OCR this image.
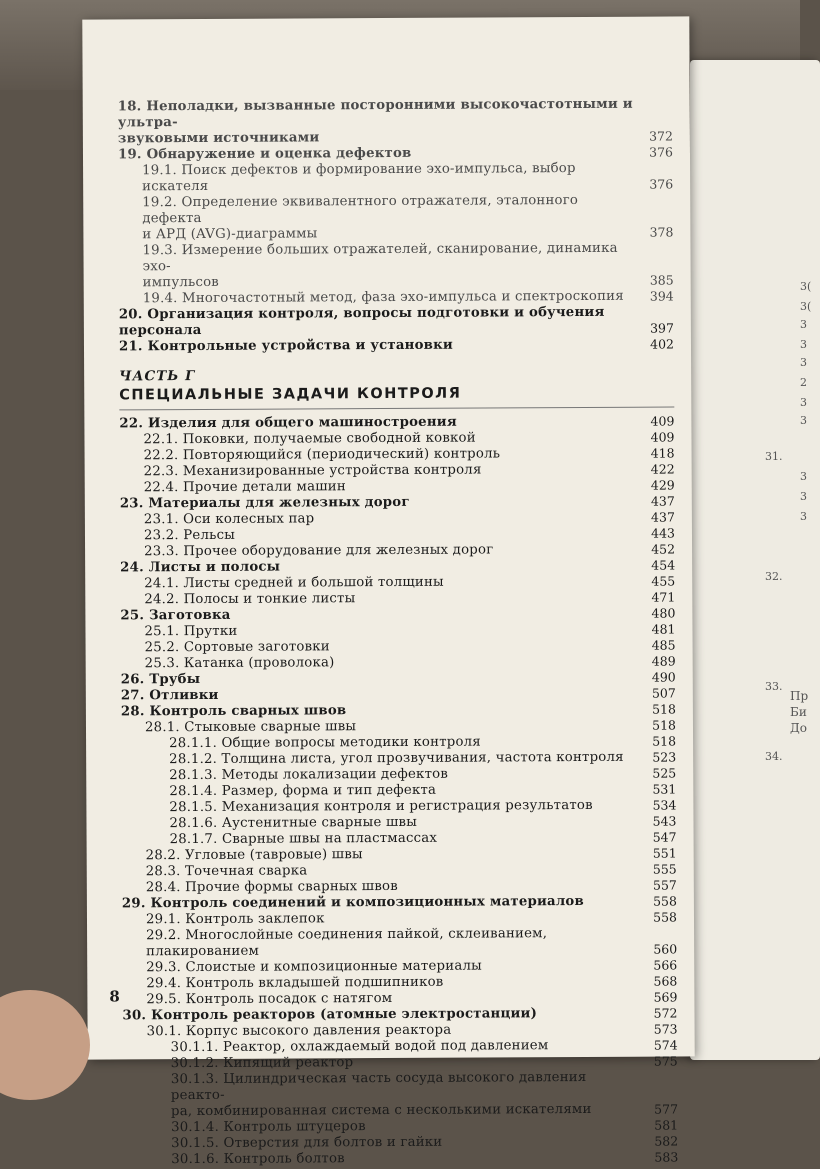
3(
3(
3
3
3
2
3
3
31.
3
3
3
32.
33.
34.
Пр
Би
До
18. Неполадки, вызванные посторонними высокочастотными и ультра-
звуковыми источниками	372
19. Обнаружение и оценка дефектов	376
19.1. Поиск дефектов и формирование эхо-импульса, выбор искателя	376
19.2. Определение эквивалентного отражателя, эталонного дефекта
и АРД (AVG)-диаграммы	378
19.3. Измерение больших отражателей, сканирование, динамика эхо-
импульсов	385
19.4. Многочастотный метод, фаза эхо-импульса и спектроскопия	394
20. Организация контроля, вопросы подготовки и обучения персонала	397
21. Контрольные устройства и установки	402
ЧАСТЬ Г
СПЕЦИАЛЬНЫЕ ЗАДАЧИ КОНТРОЛЯ
22. Изделия для общего машиностроения	409
22.1. Поковки, получаемые свободной ковкой	409
22.2. Повторяющийся (периодический) контроль	418
22.3. Механизированные устройства контроля	422
22.4. Прочие детали машин	429
23. Материалы для железных дорог	437
23.1. Оси колесных пар	437
23.2. Рельсы	443
23.3. Прочее оборудование для железных дорог	452
24. Листы и полосы	454
24.1. Листы средней и большой толщины	455
24.2. Полосы и тонкие листы	471
25. Заготовка	480
25.1. Прутки	481
25.2. Сортовые заготовки	485
25.3. Катанка (проволока)	489
26. Трубы	490
27. Отливки	507
28. Контроль сварных швов	518
28.1. Стыковые сварные швы	518
28.1.1. Общие вопросы методики контроля	518
28.1.2. Толщина листа, угол прозвучивания, частота контроля	523
28.1.3. Методы локализации дефектов	525
28.1.4. Размер, форма и тип дефекта	531
28.1.5. Механизация контроля и регистрация результатов	534
28.1.6. Аустенитные сварные швы	543
28.1.7. Сварные швы на пластмассах	547
28.2. Угловые (тавровые) швы	551
28.3. Точечная сварка	555
28.4. Прочие формы сварных швов	557
29. Контроль соединений и композиционных материалов	558
29.1. Контроль заклепок	558
29.2. Многослойные соединения пайкой, склеиванием, плакированием	560
29.3. Слоистые и композиционные материалы	566
29.4. Контроль вкладышей подшипников	568
29.5. Контроль посадок с натягом	569
30. Контроль реакторов (атомные электростанции)	572
30.1. Корпус высокого давления реактора	573
30.1.1. Реактор, охлаждаемый водой под давлением	574
30.1.2. Кипящий реактор	575
30.1.3. Цилиндрическая часть сосуда высокого давления реакто-
ра, комбинированная система с несколькими искателями	577
30.1.4. Контроль штуцеров	581
30.1.5. Отверстия для болтов и гайки	582
30.1.6. Контроль болтов	583
8
